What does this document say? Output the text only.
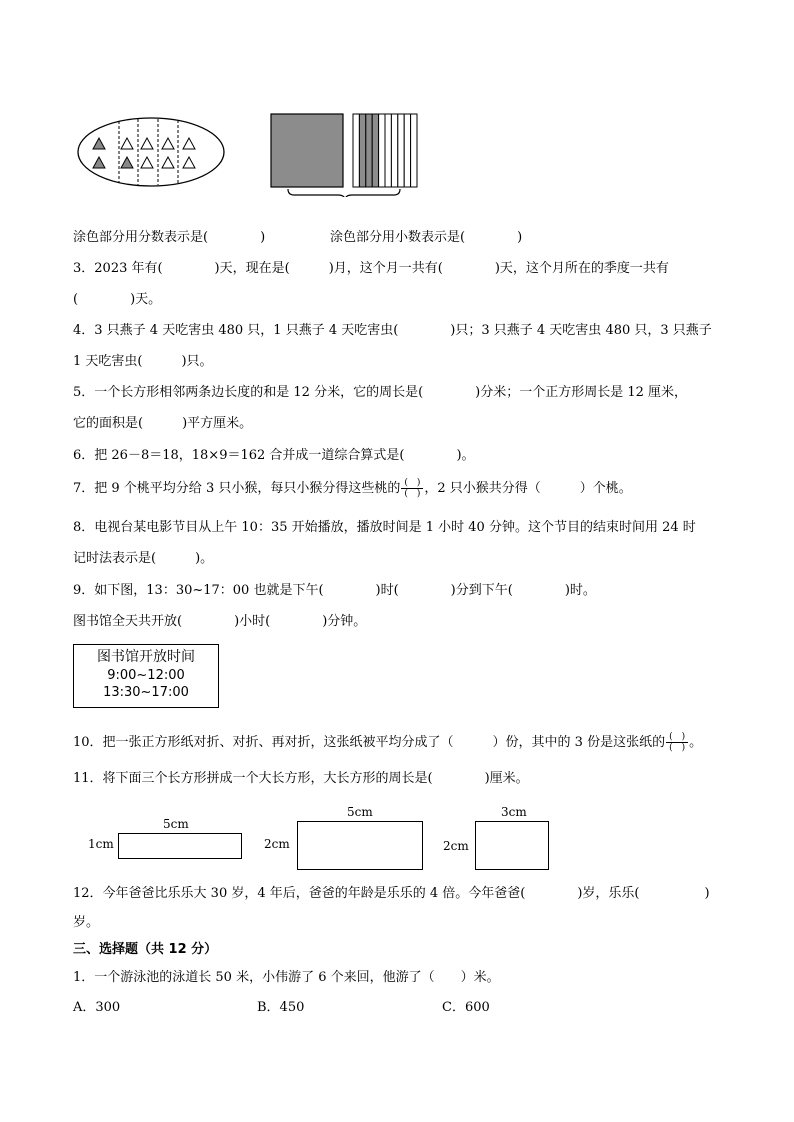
涂色部分用分数表示是(　　　　)	涂色部分用小数表示是(　　　　)
3．2023 年有(　　　　)天，现在是(　　　)月，这个月一共有(　　　　)天，这个月所在的季度一共有
(　　　　)天。
4．3 只燕子 4 天吃害虫 480 只，1 只燕子 4 天吃害虫(　　　　)只；3 只燕子 4 天吃害虫 480 只，3 只燕子
1 天吃害虫(　　　)只。
5．一个长方形相邻两条边长度的和是 12 分米，它的周长是(　　　　)分米；一个正方形周长是 12 厘米，
它的面积是(　　　)平方厘米。
6．把 26－8＝18，18×9＝162 合并成一道综合算式是(　　　　)。
7．把 9 个桃平均分给 3 只小猴，每只小猴分得这些桃的 $\frac{( )}{( )}$ ，2 只小猴共分得（　　　）个桃。
8．电视台某电影节目从上午 10：35 开始播放，播放时间是 1 小时 40 分钟。这个节目的结束时间用 24 时
记时法表示是(　　　)。
9．如下图，13：30~17：00 也就是下午(　　　　)时(　　　　)分到下午(　　　　)时。
图书馆全天共开放(　　　　)小时(　　　　)分钟。
图书馆开放时间
9:00~12:00
13:30~17:00
10．把一张正方形纸对折、对折、再对折，这张纸被平均分成了（　　　）份，其中的 3 份是这张纸的 $\frac{( )}{( )}$ 。
11．将下面三个长方形拼成一个大长方形，大长方形的周长是(　　　　)厘米。
5cm
1cm
5cm
2cm
3cm
2cm
12．今年爸爸比乐乐大 30 岁，4 年后，爸爸的年龄是乐乐的 4 倍。今年爸爸(　　　　)岁，乐乐(　　　　　)
岁。
三、选择题（共 12 分）
1．一个游泳池的泳道长 50 米，小伟游了 6 个来回，他游了（　　）米。
A．300	B．450	C．600
